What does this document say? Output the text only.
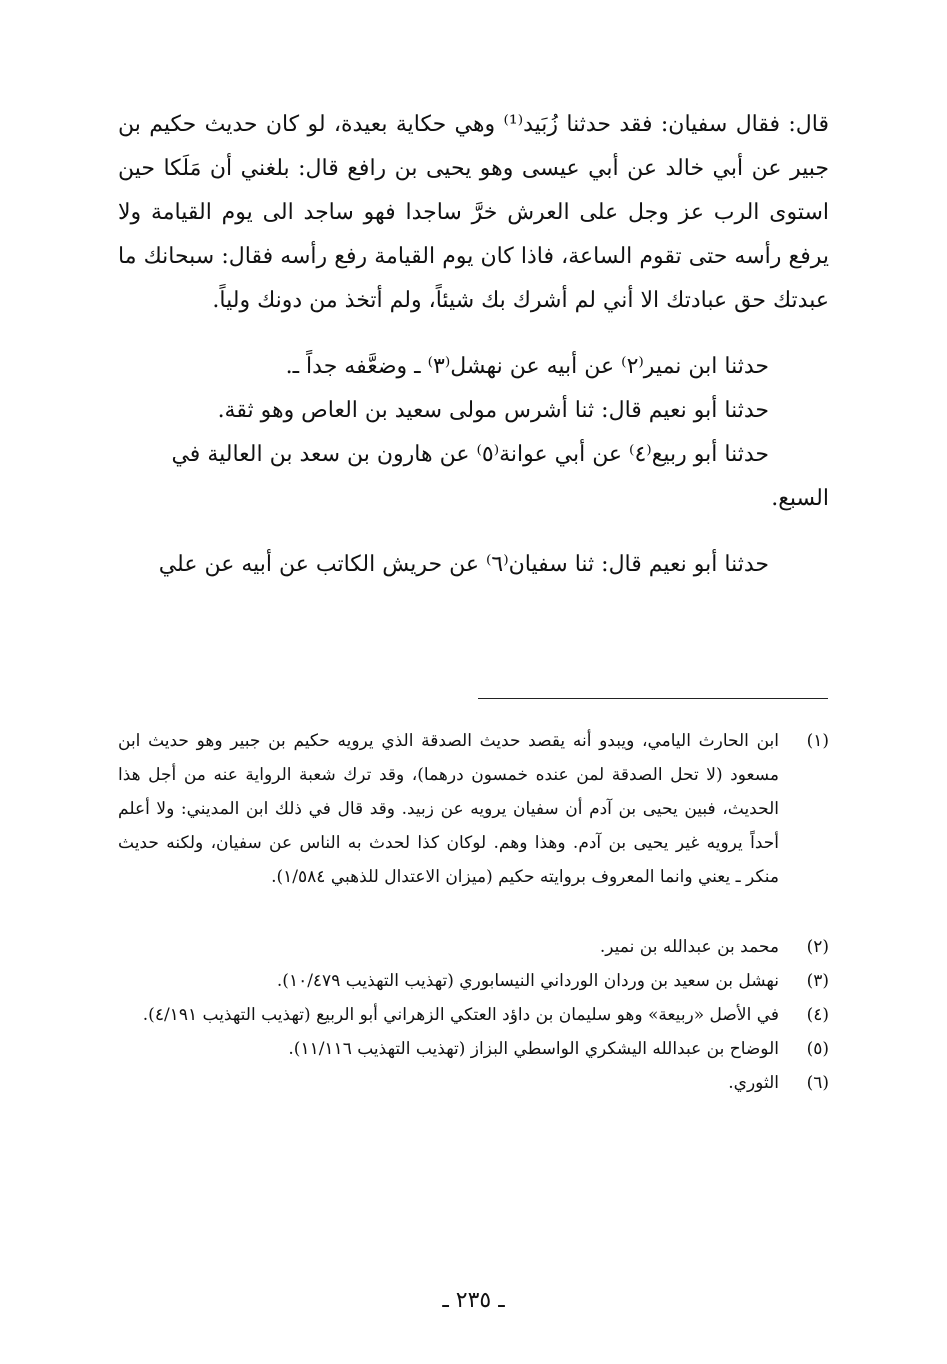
قال: فقال سفيان: فقد حدثنا زُبَيد⁽¹⁾ وهي حكاية بعيدة، لو كان حديث حكيم بن جبير عن أبي خالد عن أبي عيسى وهو يحيى بن رافع قال: بلغني أن مَلَكا حين استوى الرب عز وجل على العرش خرَّ ساجدا فهو ساجد الى يوم القيامة ولا يرفع رأسه حتى تقوم الساعة، فاذا كان يوم القيامة رفع رأسه فقال: سبحانك ما عبدتك حق عبادتك الا أني لم أشرك بك شيئاً، ولم أتخذ من دونك ولياً.

حدثنا ابن نمير⁽٢⁾ عن أبيه عن نهشل⁽٣⁾ ـ وضعَّفه جداً ـ.
حدثنا أبو نعيم قال: ثنا أشرس مولى سعيد بن العاص وهو ثقة.
حدثنا أبو ربيع⁽٤⁾ عن أبي عوانة⁽٥⁾ عن هارون بن سعد بن العالية في
السبع.
حدثنا أبو نعيم قال: ثنا سفيان⁽٦⁾ عن حريش الكاتب عن أبيه عن علي
(١)
ابن الحارث اليامي، ويبدو أنه يقصد حديث الصدقة الذي يرويه حكيم بن جبير وهو حديث ابن مسعود (لا تحل الصدقة لمن عنده خمسون درهما)، وقد ترك شعبة الرواية عنه من أجل هذا الحديث، فبين يحيى بن آدم أن سفيان يرويه عن زبيد. وقد قال في ذلك ابن المديني: ولا أعلم أحداً يرويه غير يحيى بن آدم. وهذا وهم. لوكان كذا لحدث به الناس عن سفيان، ولكنه حديث منكر ـ يعني وانما المعروف بروايته حكيم (ميزان الاعتدال للذهبي ١/٥٨٤).
(٢)
محمد بن عبدالله بن نمير.
(٣)
نهشل بن سعيد بن وردان الورداني النيسابوري (تهذيب التهذيب ١٠/٤٧٩).
(٤)
في الأصل «ربيعة» وهو سليمان بن داؤد العتكي الزهراني أبو الربيع (تهذيب التهذيب ٤/١٩١).
(٥)
الوضاح بن عبدالله اليشكري الواسطي البزاز (تهذيب التهذيب ١١/١١٦).
(٦)
الثوري.
ـ ٢٣٥ ـ
